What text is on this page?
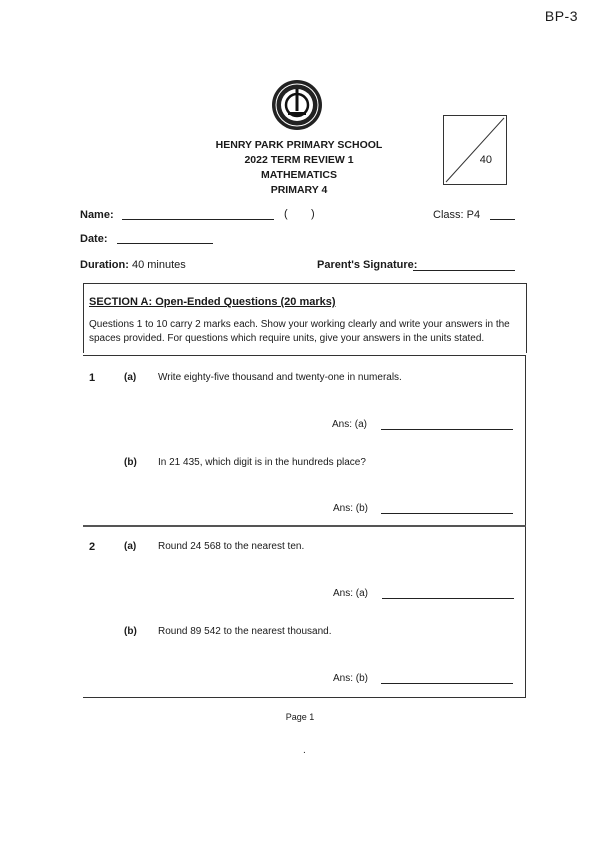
BP-3
HENRY PARK PRIMARY SCHOOL
2022 TERM REVIEW 1
MATHEMATICS
PRIMARY 4
40
Name:	( )	Class: P4
Date:
Duration: 40 minutes	Parent's Signature:
SECTION A: Open-Ended Questions (20 marks)
Questions 1 to 10 carry 2 marks each. Show your working clearly and write your answers in the spaces provided. For questions which require units, give your answers in the units stated.
1	(a) Write eighty-five thousand and twenty-one in numerals.
Ans: (a)
(b) In 21 435, which digit is in the hundreds place?
Ans: (b)
2	(a) Round 24 568 to the nearest ten.
Ans: (a)
(b) Round 89 542 to the nearest thousand.
Ans: (b)
Page 1
.
